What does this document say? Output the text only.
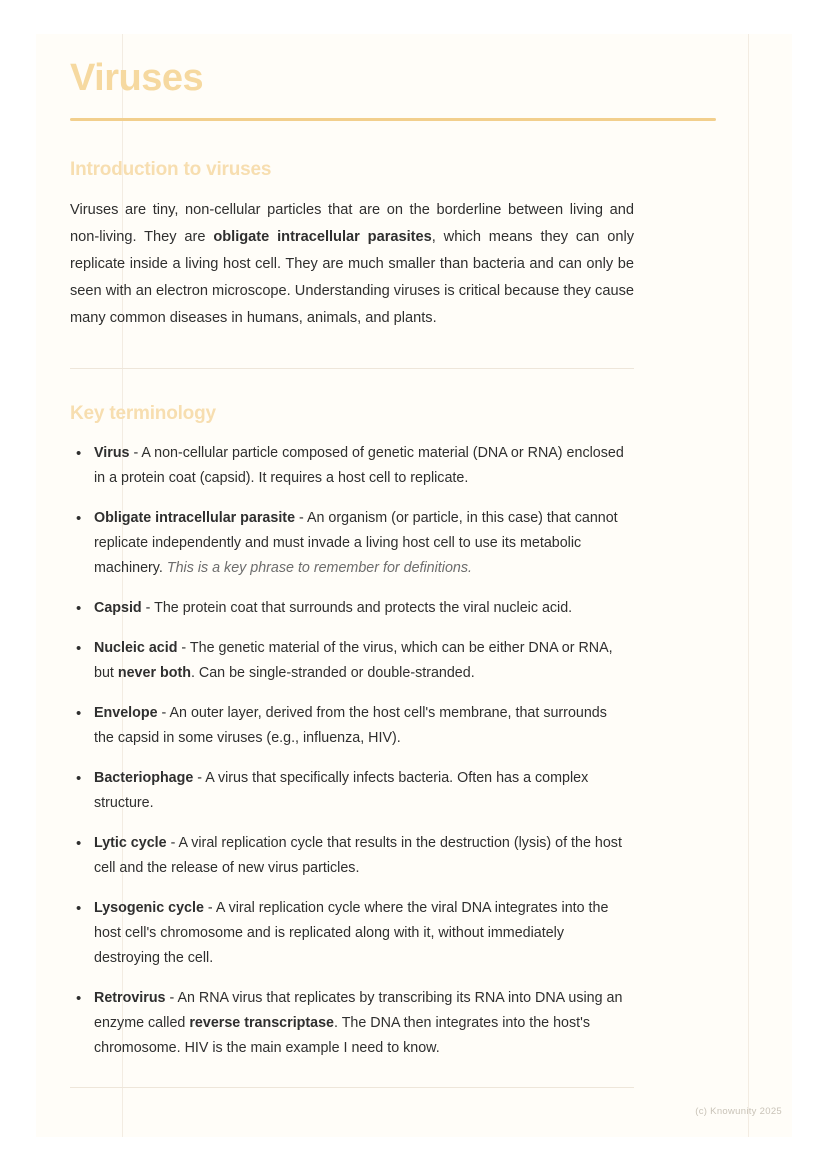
Viruses
Introduction to viruses

Viruses are tiny, non-cellular particles that are on the borderline between living and non-living. They are obligate intracellular parasites, which means they can only replicate inside a living host cell. They are much smaller than bacteria and can only be seen with an electron microscope. Understanding viruses is critical because they cause many common diseases in humans, animals, and plants.

Key terminology
• Virus - A non-cellular particle composed of genetic material (DNA or RNA) enclosed in a protein coat (capsid). It requires a host cell to replicate.
• Obligate intracellular parasite - An organism (or particle, in this case) that cannot replicate independently and must invade a living host cell to use its metabolic machinery. This is a key phrase to remember for definitions.
• Capsid - The protein coat that surrounds and protects the viral nucleic acid.
• Nucleic acid - The genetic material of the virus, which can be either DNA or RNA, but never both. Can be single-stranded or double-stranded.
• Envelope - An outer layer, derived from the host cell's membrane, that surrounds the capsid in some viruses (e.g., influenza, HIV).
• Bacteriophage - A virus that specifically infects bacteria. Often has a complex structure.
• Lytic cycle - A viral replication cycle that results in the destruction (lysis) of the host cell and the release of new virus particles.
• Lysogenic cycle - A viral replication cycle where the viral DNA integrates into the host cell's chromosome and is replicated along with it, without immediately destroying the cell.
• Retrovirus - An RNA virus that replicates by transcribing its RNA into DNA using an enzyme called reverse transcriptase. The DNA then integrates into the host's chromosome. HIV is the main example I need to know.
(c) Knowunity 2025
